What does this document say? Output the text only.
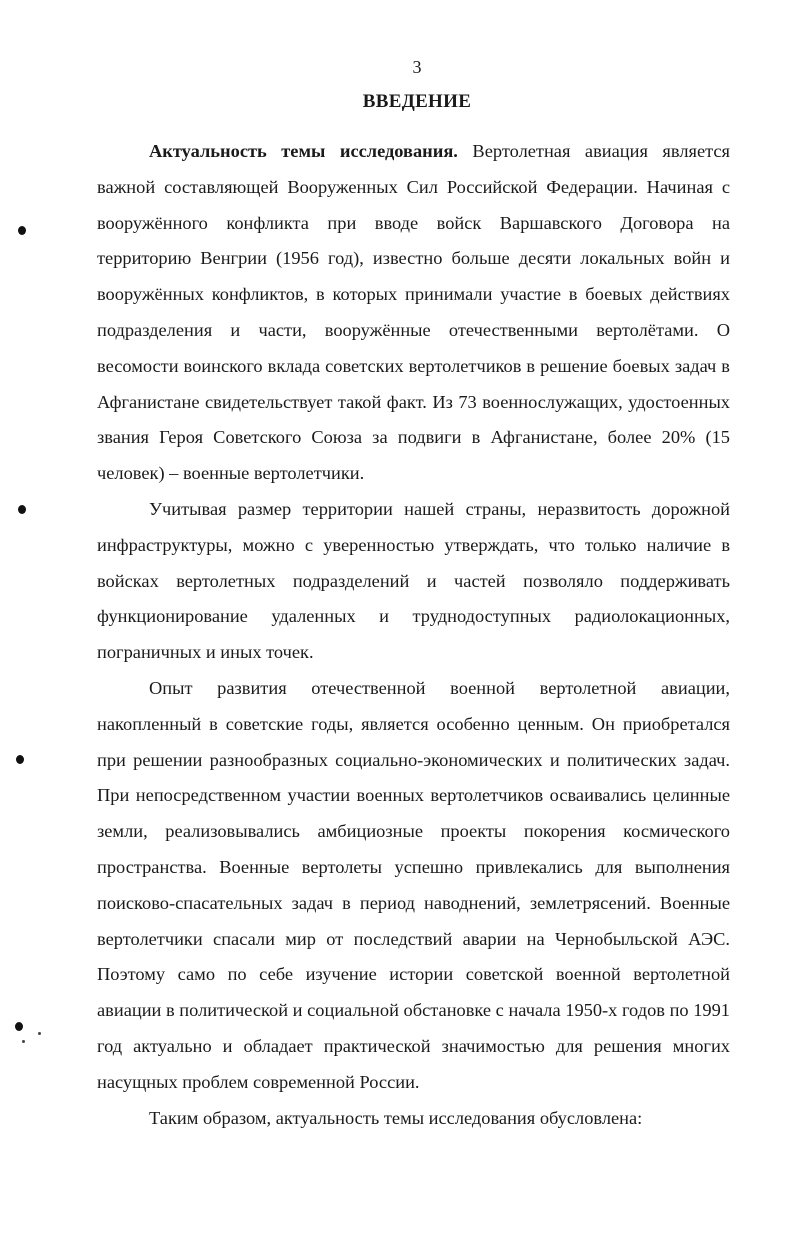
3
ВВЕДЕНИЕ

Актуальность темы исследования. Вертолетная авиация является важной составляющей Вооруженных Сил Российской Федерации. Начиная с вооружённого конфликта при вводе войск Варшавского Договора на территорию Венгрии (1956 год), известно больше десяти локальных войн и вооружённых конфликтов, в которых принимали участие в боевых действиях подразделения и части, вооружённые отечественными вертолётами. О весомости воинского вклада советских вертолетчиков в решение боевых задач в Афганистане свидетельствует такой факт. Из 73 военнослужащих, удостоенных звания Героя Советского Союза за подвиги в Афганистане, более 20% (15 человек) – военные вертолетчики.

Учитывая размер территории нашей страны, неразвитость дорожной инфраструктуры, можно с уверенностью утверждать, что только наличие в войсках вертолетных подразделений и частей позволяло поддерживать функционирование удаленных и труднодоступных радиолокационных, пограничных и иных точек.

Опыт развития отечественной военной вертолетной авиации, накопленный в советские годы, является особенно ценным. Он приобретался при решении разнообразных социально-экономических и политических задач. При непосредственном участии военных вертолетчиков осваивались целинные земли, реализовывались амбициозные проекты покорения космического пространства. Военные вертолеты успешно привлекались для выполнения поисково-спасательных задач в период наводнений, землетрясений. Военные вертолетчики спасали мир от последствий аварии на Чернобыльской АЭС. Поэтому само по себе изучение истории советской военной вертолетной авиации в политической и социальной обстановке с начала 1950-х годов по 1991 год актуально и обладает практической значимостью для решения многих насущных проблем современной России.

Таким образом, актуальность темы исследования обусловлена:
